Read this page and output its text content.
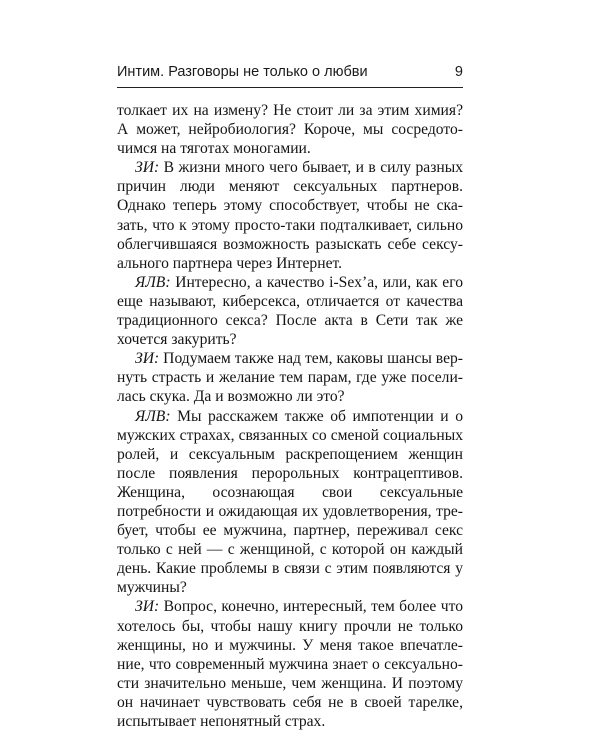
Интим. Разговоры не только о любви	9

толкает их на измену? Не стоит ли за этим химия? А может, нейробиология? Короче, мы сосредоточимся на тяготах моногамии.

ЗИ: В жизни много чего бывает, и в силу разных причин люди меняют сексуальных партнеров. Однако теперь этому способствует, чтобы не сказать, что к этому просто-таки подталкивает, сильно облегчившаяся возможность разыскать себе сексуального партнера через Интернет.

ЯЛВ: Интересно, а качество i-Sex’a, или, как его еще называют, киберсекса, отличается от качества традиционного секса? После акта в Сети так же хочется закурить?

ЗИ: Подумаем также над тем, каковы шансы вернуть страсть и желание тем парам, где уже поселилась скука. Да и возможно ли это?

ЯЛВ: Мы расскажем также об импотенции и о мужских страхах, связанных со сменой социальных ролей, и сексуальным раскрепощением женщин после появления перорольных контрацептивов. Женщина, осознающая свои сексуальные потребности и ожидающая их удовлетворения, требует, чтобы ее мужчина, партнер, переживал секс только с ней — с женщиной, с которой он каждый день. Какие проблемы в связи с этим появляются у мужчины?

ЗИ: Вопрос, конечно, интересный, тем более что хотелось бы, чтобы нашу книгу прочли не только женщины, но и мужчины. У меня такое впечатление, что современный мужчина знает о сексуальности значительно меньше, чем женщина. И поэтому он начинает чувствовать себя не в своей тарелке, испытывает непонятный страх.
